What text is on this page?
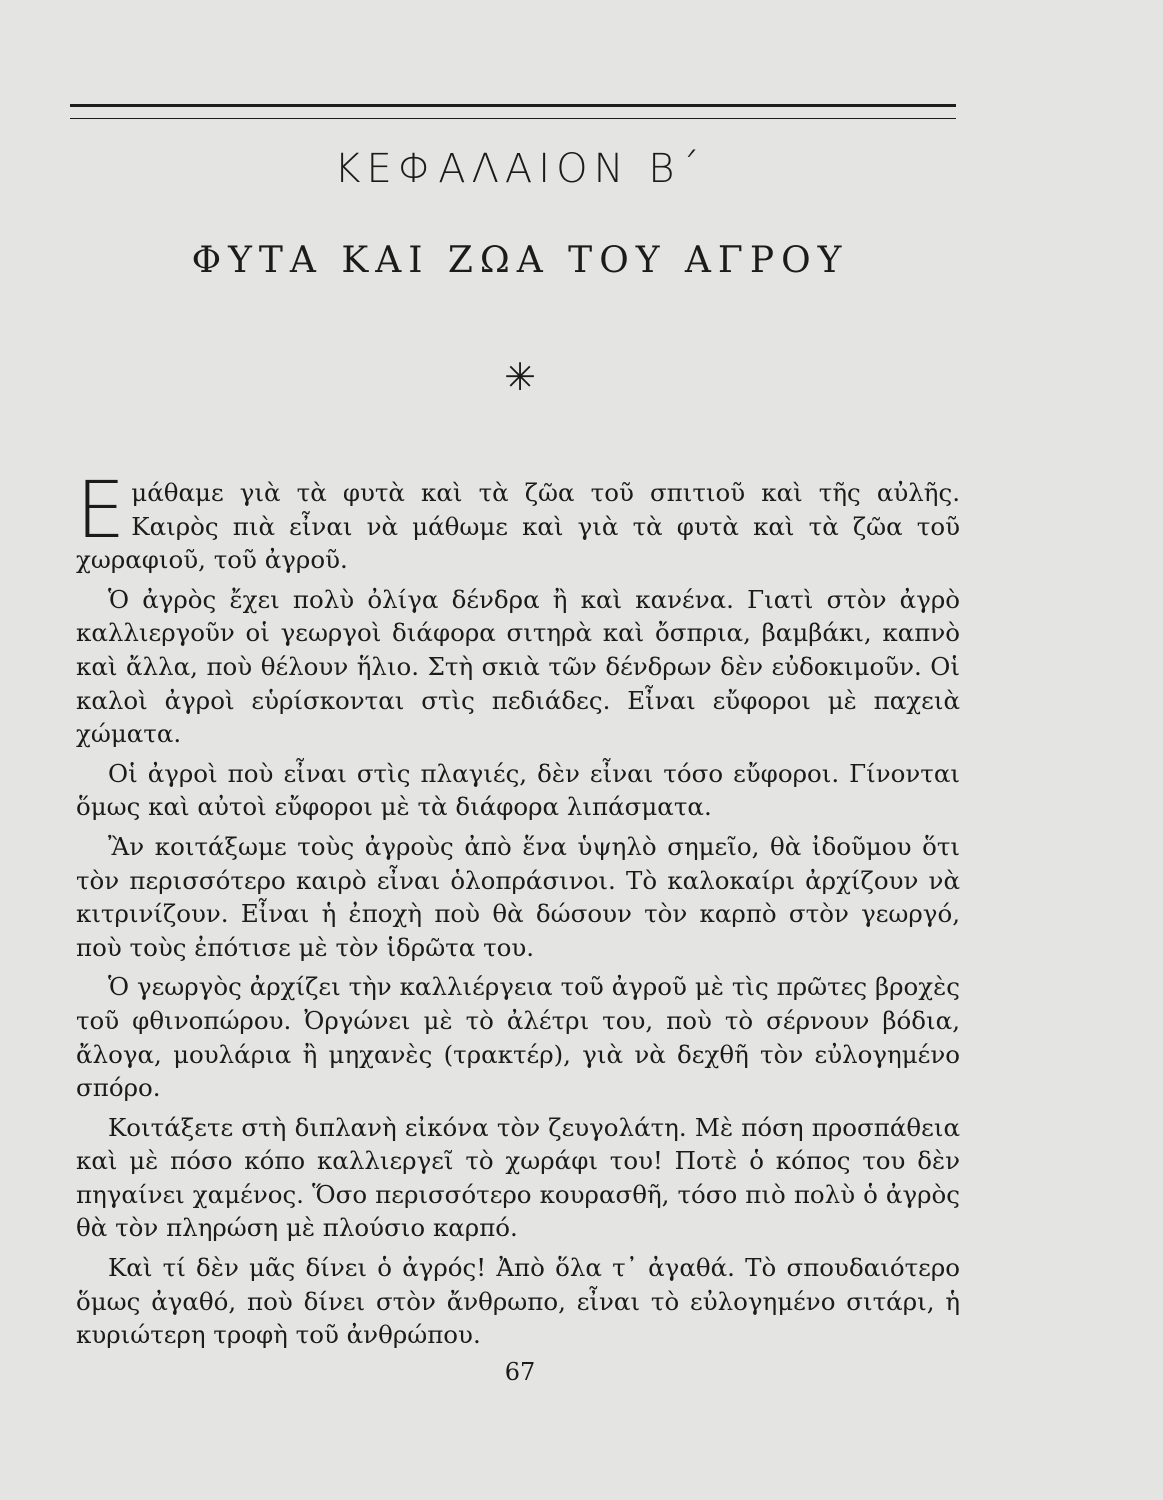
ΚΕΦΑΛΑΙΟΝ Β΄
ΦΥΤΑ ΚΑΙ ΖΩΑ ΤΟΥ ΑΓΡΟΥ
✳

Εμάθαμε γιὰ τὰ φυτὰ καὶ τὰ ζῶα τοῦ σπιτιοῦ καὶ τῆς αὐλῆς. Καιρὸς πιὰ εἶναι νὰ μάθωμε καὶ γιὰ τὰ φυτὰ καὶ τὰ ζῶα τοῦ χωραφιοῦ, τοῦ ἀγροῦ.

Ὁ ἀγρὸς ἔχει πολὺ ὀλίγα δένδρα ἢ καὶ κανένα. Γιατὶ στὸν ἀγρὸ καλλιεργοῦν οἱ γεωργοὶ διάφορα σιτηρὰ καὶ ὄσπρια, βαμβάκι, καπνὸ καὶ ἄλλα, ποὺ θέλουν ἥλιο. Στὴ σκιὰ τῶν δένδρων δὲν εὐδοκιμοῦν. Οἱ καλοὶ ἀγροὶ εὑρίσκονται στὶς πεδιάδες. Εἶναι εὔφοροι μὲ παχειὰ χώματα.

Οἱ ἀγροὶ ποὺ εἶναι στὶς πλαγιές, δὲν εἶναι τόσο εὔφοροι. Γίνονται ὅμως καὶ αὐτοὶ εὔφοροι μὲ τὰ διάφορα λιπάσματα.

Ἂν κοιτάξωμε τοὺς ἀγροὺς ἀπὸ ἕνα ὑψηλὸ σημεῖο, θὰ ἰδοῦμου ὅτι τὸν περισσότερο καιρὸ εἶναι ὁλοπράσινοι. Τὸ καλοκαίρι ἀρχίζουν νὰ κιτρινίζουν. Εἶναι ἡ ἐποχὴ ποὺ θὰ δώσουν τὸν καρπὸ στὸν γεωργό, ποὺ τοὺς ἐπότισε μὲ τὸν ἱδρῶτα του.

Ὁ γεωργὸς ἀρχίζει τὴν καλλιέργεια τοῦ ἀγροῦ μὲ τὶς πρῶτες βροχὲς τοῦ φθινοπώρου. Ὀργώνει μὲ τὸ ἀλέτρι του, ποὺ τὸ σέρνουν βόδια, ἄλογα, μουλάρια ἢ μηχανὲς (τρακτέρ), γιὰ νὰ δεχθῆ τὸν εὐλογημένο σπόρο.

Κοιτάξετε στὴ διπλανὴ εἰκόνα τὸν ζευγολάτη. Μὲ πόση προσπάθεια καὶ μὲ πόσο κόπο καλλιεργεῖ τὸ χωράφι του! Ποτὲ ὁ κόπος του δὲν πηγαίνει χαμένος. Ὅσο περισσότερο κουρασθῆ, τόσο πιὸ πολὺ ὁ ἀγρὸς θὰ τὸν πληρώση μὲ πλούσιο καρπό.

Καὶ τί δὲν μᾶς δίνει ὁ ἀγρός! Ἀπὸ ὅλα τ᾽ ἀγαθά. Τὸ σπουδαιότερο ὅμως ἀγαθό, ποὺ δίνει στὸν ἄνθρωπο, εἶναι τὸ εὐλογημένο σιτάρι, ἡ κυριώτερη τροφὴ τοῦ ἀνθρώπου.

67
